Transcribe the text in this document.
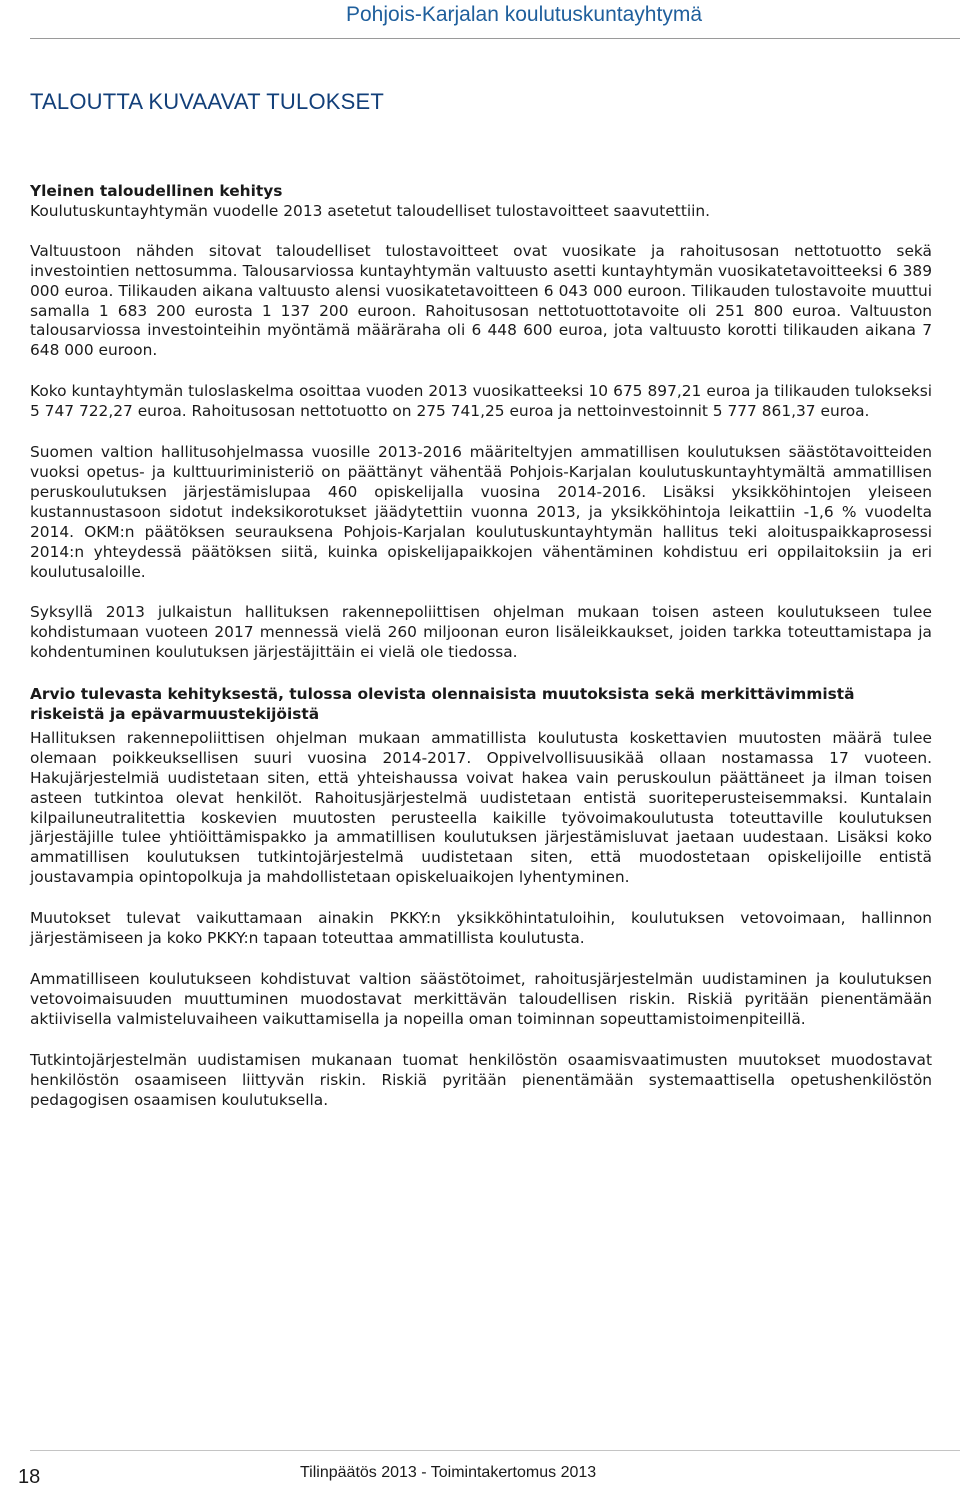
Pohjois-Karjalan koulutuskuntayhtymä
TALOUTTA KUVAAVAT TULOKSET
Yleinen taloudellinen kehitys

Koulutuskuntayhtymän vuodelle 2013 asetetut taloudelliset tulostavoitteet saavutettiin.

Valtuustoon nähden sitovat taloudelliset tulostavoitteet ovat vuosikate ja rahoitusosan nettotuotto sekä investointien nettosumma. Talousarviossa kuntayhtymän valtuusto asetti kuntayhtymän vuosikatetavoitteeksi 6 389 000 euroa. Tilikauden aikana valtuusto alensi vuosikatetavoitteen 6 043 000 euroon. Tilikauden tulostavoite muuttui samalla 1 683 200 eurosta 1 137 200 euroon. Rahoitusosan nettotuottotavoite oli 251 800 euroa. Valtuuston talousarviossa investointeihin myöntämä määräraha oli 6 448 600 euroa, jota valtuusto korotti tilikauden aikana 7 648 000 euroon.

Koko kuntayhtymän tuloslaskelma osoittaa vuoden 2013 vuosikatteeksi 10 675 897,21 euroa ja tilikauden tulokseksi 5 747 722,27 euroa. Rahoitusosan nettotuotto on 275 741,25 euroa ja nettoinvestoinnit 5 777 861,37 euroa.

Suomen valtion hallitusohjelmassa vuosille 2013-2016 määriteltyjen ammatillisen koulutuksen säästötavoitteiden vuoksi opetus- ja kulttuuriministeriö on päättänyt vähentää Pohjois-Karjalan koulutuskuntayhtymältä ammatillisen peruskoulutuksen järjestämislupaa 460 opiskelijalla vuosina 2014-2016. Lisäksi yksikköhintojen yleiseen kustannustasoon sidotut indeksikorotukset jäädytettiin vuonna 2013, ja yksikköhintoja leikattiin -1,6 % vuodelta 2014. OKM:n päätöksen seurauksena Pohjois-Karjalan koulutuskuntayhtymän hallitus teki aloituspaikkaprosessi 2014:n yhteydessä päätöksen siitä, kuinka opiskelijapaikkojen vähentäminen kohdistuu eri oppilaitoksiin ja eri koulutusaloille.

Syksyllä 2013 julkaistun hallituksen rakennepoliittisen ohjelman mukaan toisen asteen koulutukseen tulee kohdistumaan vuoteen 2017 mennessä vielä 260 miljoonan euron lisäleikkaukset, joiden tarkka toteuttamistapa ja kohdentuminen koulutuksen järjestäjittäin ei vielä ole tiedossa.

Arvio tulevasta kehityksestä, tulossa olevista olennaisista muutoksista sekä merkittävimmistä riskeistä ja epävarmuustekijöistä

Hallituksen rakennepoliittisen ohjelman mukaan ammatillista koulutusta koskettavien muutosten määrä tulee olemaan poikkeuksellisen suuri vuosina 2014-2017. Oppivelvollisuusikää ollaan nostamassa 17 vuoteen. Hakujärjestelmiä uudistetaan siten, että yhteishaussa voivat hakea vain peruskoulun päättäneet ja ilman toisen asteen tutkintoa olevat henkilöt. Rahoitusjärjestelmä uudistetaan entistä suoriteperusteisemmaksi. Kuntalain kilpailuneutralitettia koskevien muutosten perusteella kaikille työvoimakoulutusta toteuttaville koulutuksen järjestäjille tulee yhtiöittämispakko ja ammatillisen koulutuksen järjestämisluvat jaetaan uudestaan. Lisäksi koko ammatillisen koulutuksen tutkintojärjestelmä uudistetaan siten, että muodostetaan opiskelijoille entistä joustavampia opintopolkuja ja mahdollistetaan opiskeluaikojen lyhentyminen.

Muutokset tulevat vaikuttamaan ainakin PKKY:n yksikköhintatuloihin, koulutuksen vetovoimaan, hallinnon järjestämiseen ja koko PKKY:n tapaan toteuttaa ammatillista koulutusta.

Ammatilliseen koulutukseen kohdistuvat valtion säästötoimet, rahoitusjärjestelmän uudistaminen ja koulutuksen vetovoimaisuuden muuttuminen muodostavat merkittävän taloudellisen riskin. Riskiä pyritään pienentämään aktiivisella valmisteluvaiheen vaikuttamisella ja nopeilla oman toiminnan sopeuttamistoimenpiteillä.

Tutkintojärjestelmän uudistamisen mukanaan tuomat henkilöstön osaamisvaatimusten muutokset muodostavat henkilöstön osaamiseen liittyvän riskin. Riskiä pyritään pienentämään systemaattisella opetushenkilöstön pedagogisen osaamisen koulutuksella.

18	Tilinpäätös 2013 - Toimintakertomus 2013
